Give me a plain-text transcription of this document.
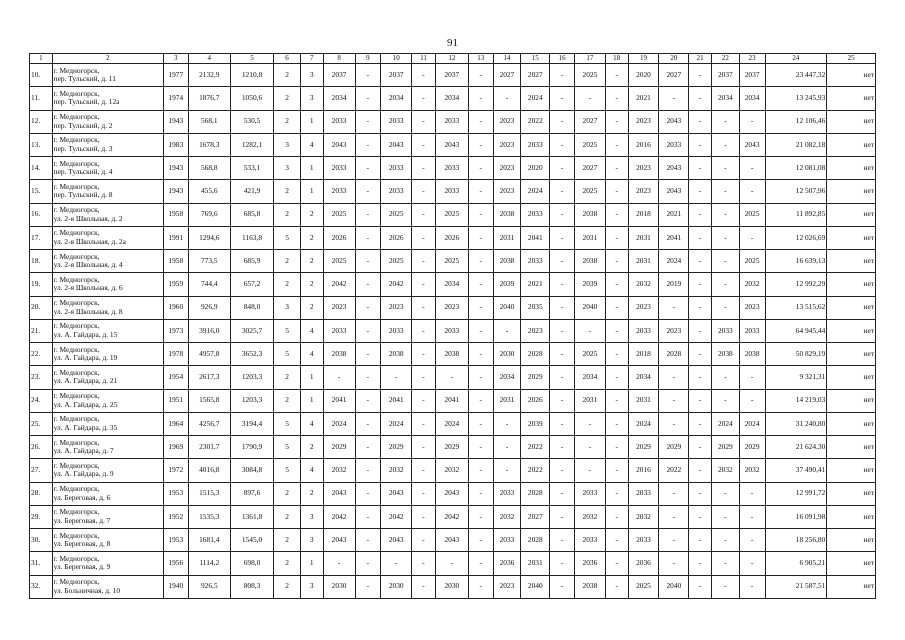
91
1	2	3	4	5	6	7	8	9	10	11	12	13	14	15	16	17	18	19	20	21	22	23	24	25
10.	г. Медногорск,
пер. Тульский, д. 11	1977	2132,9	1210,8	2	3	2037	-	2037	-	2037	-	2027	2027	-	2025	-	2020	2027	-	2037	2037	23 447,32	нет
11.	г. Медногорск,
пер. Тульский, д. 12а	1974	1876,7	1050,6	2	3	2034	-	2034	-	2034	-	-	2024	-	-	-	2021	-	-	2034	2034	13 245,93	нет
12.	г. Медногорск,
пер. Тульский, д. 2	1943	568,1	530,5	2	1	2033	-	2033	-	2033	-	2023	2022	-	2027	-	2023	2043	-	-	-	12 106,46	нет
13.	г. Медногорск,
пер. Тульский, д. 3	1983	1678,3	1282,1	3	4	2043	-	2043	-	2043	-	2023	2033	-	2025	-	2016	2033	-	-	2043	21 082,18	нет
14.	г. Медногорск,
пер. Тульский, д. 4	1943	568,8	533,1	3	1	2033	-	2033	-	2033	-	2023	2020	-	2027	-	2023	2043	-	-	-	12 081,08	нет
15.	г. Медногорск,
пер. Тульский, д. 8	1943	455,6	421,9	2	1	2033	-	2033	-	2033	-	2023	2024	-	2025	-	2023	2043	-	-	-	12 507,96	нет
16.	г. Медногорск,
ул. 2-я Школьная, д. 2	1958	769,6	685,8	2	2	2025	-	2025	-	2025	-	2038	2033	-	2038	-	2018	2021	-	-	2025	11 892,85	нет
17.	г. Медногорск,
ул. 2-я Школьная, д. 2а	1991	1294,6	1163,8	5	2	2026	-	2026	-	2026	-	2031	2041	-	2031	-	2031	2041	-	-	-	12 026,69	нет
18.	г. Медногорск,
ул. 2-я Школьная, д. 4	1958	773,5	685,9	2	2	2025	-	2025	-	2025	-	2038	2033	-	2038	-	2031	2024	-	-	2025	16 639,13	нет
19.	г. Медногорск,
ул. 2-я Школьная, д. 6	1959	744,4	657,2	2	2	2042	-	2042	-	2034	-	2039	2021	-	2039	-	2032	2019	-	-	2032	12 992,29	нет
20.	г. Медногорск,
ул. 2-я Школьная, д. 8	1960	926,9	848,0	3	2	2023	-	2023	-	2023	-	2040	2035	-	2040	-	2023	-	-	-	2023	13 515,62	нет
21.	г. Медногорск,
ул. А. Гайдара, д. 15	1973	3916,0	3025,7	5	4	2033	-	2033	-	2033	-	-	2023	-	-	-	2033	2023	-	2033	2033	64 945,44	нет
22.	г. Медногорск,
ул. А. Гайдара, д. 19	1978	4957,8	3652,3	5	4	2038	-	2038	-	2038	-	2030	2028	-	2025	-	2018	2028	-	2038	2038	50 829,19	нет
23.	г. Медногорск,
ул. А. Гайдара, д. 21	1954	2617,3	1203,3	2	1	-	-	-	-	-	-	2034	2029	-	2034	-	2034	-	-	-	-	9 321,31	нет
24.	г. Медногорск,
ул. А. Гайдара, д. 25	1951	1565,8	1203,3	2	1	2041	-	2041	-	2041	-	2031	2026	-	2031	-	2031	-	-	-	-	14 219,03	нет
25.	г. Медногорск,
ул. А. Гайдара, д. 35	1964	4256,7	3194,4	5	4	2024	-	2024	-	2024	-	-	2039	-	-	-	2024	-	-	2024	2024	31 240,80	нет
26.	г. Медногорск,
ул. А. Гайдара, д. 7	1969	2301,7	1790,9	5	2	2029	-	2029	-	2029	-	-	2022	-	-	-	2029	2029	-	2029	2029	21 624,30	нет
27.	г. Медногорск,
ул. А. Гайдара, д. 9	1972	4016,8	3084,8	5	4	2032	-	2032	-	2032	-	-	2022	-	-	-	2016	2022	-	2032	2032	37 490,41	нет
28.	г. Медногорск,
ул. Береговая, д. 6	1953	1515,3	897,6	2	2	2043	-	2043	-	2043	-	2033	2028	-	2033	-	2033	-	-	-	-	12 991,72	нет
29.	г. Медногорск,
ул. Береговая, д. 7	1952	1535,3	1361,8	2	3	2042	-	2042	-	2042	-	2032	2027	-	2032	-	2032	-	-	-	-	16 091,98	нет
30.	г. Медногорск,
ул. Береговая, д. 8	1953	1681,4	1545,0	2	3	2043	-	2043	-	2043	-	2033	2028	-	2033	-	2033	-	-	-	-	18 256,80	нет
31.	г. Медногорск,
ул. Береговая, д. 9	1956	1114,2	698,0	2	1	-	-	-	-	-	-	2036	2031	-	2036	-	2036	-	-	-	-	6 905,21	нет
32.	г. Медногорск,
ул. Больничная, д. 10	1940	926,5	808,3	2	3	2030	-	2030	-	2030	-	2023	2040	-	2038	-	2025	2040	-	-	-	21 587,51	нет
